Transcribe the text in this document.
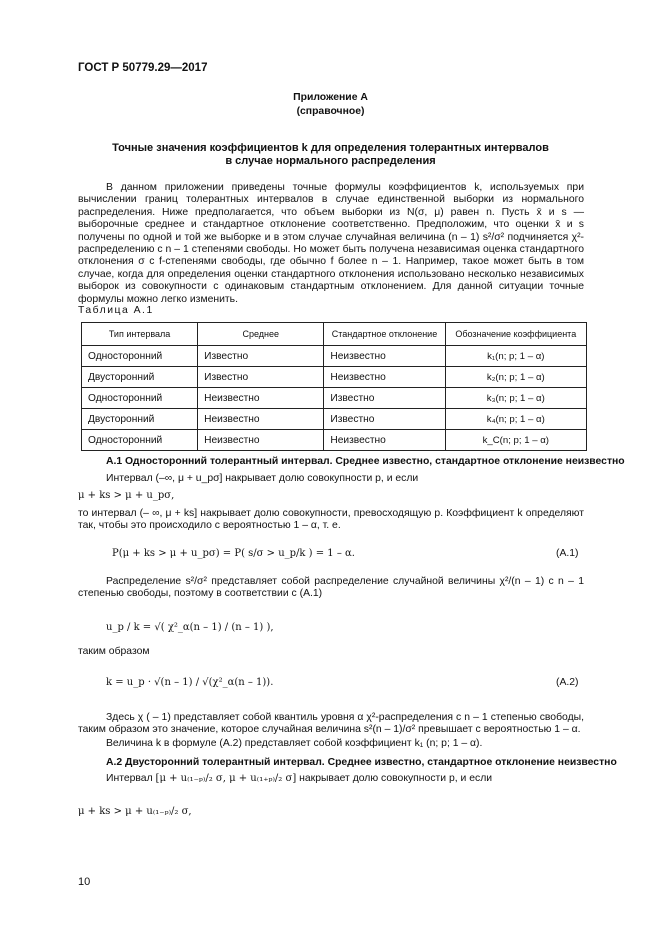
ГОСТ Р 50779.29—2017
Приложение А
(справочное)
Точные значения коэффициентов k для определения толерантных интервалов
в случае нормального распределения
В данном приложении приведены точные формулы коэффициентов k, используемых при вычислении границ толерантных интервалов в случае единственной выборки из нормального распределения. Ниже предполагается, что объем выборки из N(σ, μ) равен n. Пусть x̄ и s — выборочные среднее и стандартное отклонение соответственно. Предположим, что оценки x̄ и s получены по одной и той же выборке и в этом случае случайная величина (n – 1) s²/σ² подчиняется χ²-распределению с n – 1 степенями свободы. Но может быть получена независимая оценка стандартного отклонения σ с f-степенями свободы, где обычно f более n – 1. Например, такое может быть в том случае, когда для определения оценки стандартного отклонения использовано несколько независимых выборок из совокупности с одинаковым стандартным отклонением. Для данной ситуации точные формулы можно легко изменить.
Таблица А.1
Тип интервала	Среднее	Стандартное отклонение	Обозначение коэффициента
Односторонний	Известно	Неизвестно	k₁(n; p; 1 – α)
Двусторонний	Известно	Неизвестно	k₂(n; p; 1 – α)
Односторонний	Неизвестно	Известно	k₃(n; p; 1 – α)
Двусторонний	Неизвестно	Известно	k₄(n; p; 1 – α)
Односторонний	Неизвестно	Неизвестно	k_C(n; p; 1 – α)
А.1 Односторонний толерантный интервал. Среднее известно, стандартное отклонение неизвестно
Интервал (–∞, μ + u_pσ] накрывает долю совокупности p, и если
μ + ks > μ + u_pσ,
то интервал (– ∞, μ + ks] накрывает долю совокупности, превосходящую p. Коэффициент k определяют так, чтобы это происходило с вероятностью 1 – α, т. е.
P(μ + ks > μ + u_pσ) = P( s/σ > u_p/k ) = 1 – α.	(А.1)
Распределение s²/σ² представляет собой распределение случайной величины χ²/(n – 1) с n – 1 степенью свободы, поэтому в соответствии с (А.1)
u_p / k = √( χ²_α(n – 1) / (n – 1) ),
таким образом
k = u_p · √(n – 1) / √(χ²_α(n – 1)).	(А.2)
Здесь χ ( – 1) представляет собой квантиль уровня α χ²-распределения с n – 1 степенью свободы, таким образом это значение, которое случайная величина s²(n – 1)/σ² превышает с вероятностью 1 – α.
Величина k в формуле (А.2) представляет собой коэффициент k₁ (n; p; 1 – α).
А.2 Двусторонний толерантный интервал. Среднее известно, стандартное отклонение неизвестно
Интервал [μ + u₍₁₋ₚ₎/₂ σ, μ + u₍₁₊ₚ₎/₂ σ] накрывает долю совокупности p, и если
μ + ks > μ + u₍₁₋ₚ₎/₂ σ,
10
